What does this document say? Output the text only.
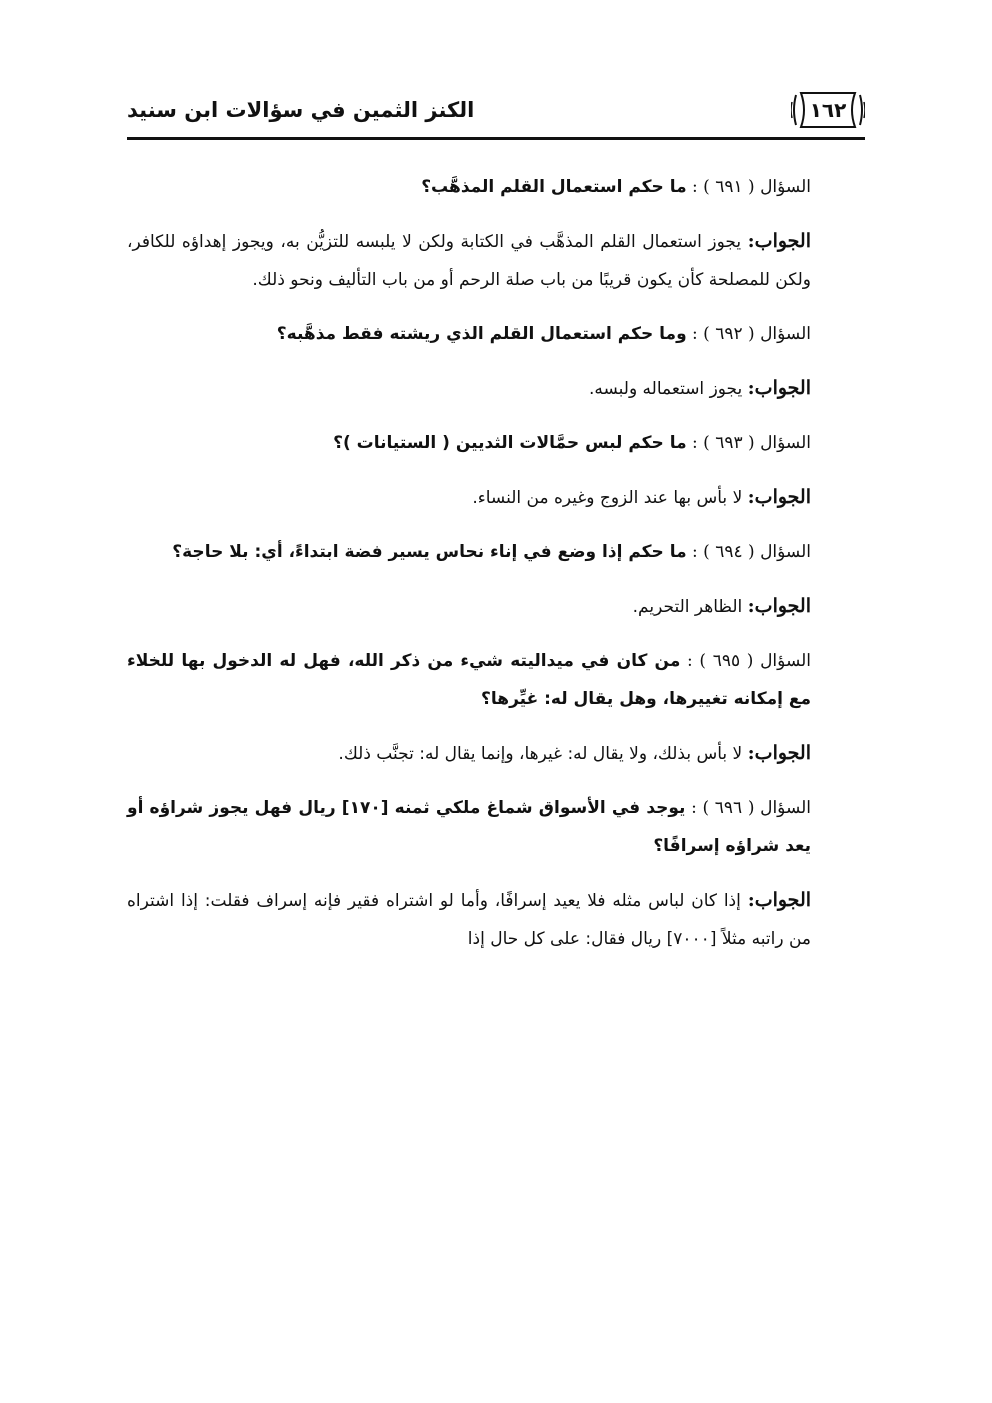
١٦٢
الكنز الثمين في سؤالات ابن سنيد

السؤال ( ٦٩١ ) : ما حكم استعمال القلم المذهَّب؟

الجواب: يجوز استعمال القلم المذهَّب في الكتابة ولكن لا يلبسه للتزيُّن به، ويجوز إهداؤه للكافر، ولكن للمصلحة كأن يكون قريبًا من باب صلة الرحم أو من باب التأليف ونحو ذلك.

السؤال ( ٦٩٢ ) : وما حكم استعمال القلم الذي ريشته فقط مذهَّبه؟

الجواب: يجوز استعماله ولبسه.

السؤال ( ٦٩٣ ) : ما حكم لبس حمَّالات الثديين ( الستيانات )؟

الجواب: لا بأس بها عند الزوج وغيره من النساء.

السؤال ( ٦٩٤ ) : ما حكم إذا وضع في إناء نحاس يسير فضة ابتداءً، أي: بلا حاجة؟

الجواب: الظاهر التحريم.

السؤال ( ٦٩٥ ) : من كان في ميداليته شيء من ذكر الله، فهل له الدخول بها للخلاء مع إمكانه تغييرها، وهل يقال له: غيِّرها؟

الجواب: لا بأس بذلك، ولا يقال له: غيرها، وإنما يقال له: تجنَّب ذلك.

السؤال ( ٦٩٦ ) : يوجد في الأسواق شماغ ملكي ثمنه [١٧٠] ريال فهل يجوز شراؤه أو يعد شراؤه إسرافًا؟

الجواب: إذا كان لباس مثله فلا يعيد إسرافًا، وأما لو اشتراه فقير فإنه إسراف فقلت: إذا اشتراه من راتبه مثلاً [٧٠٠٠] ريال فقال: على كل حال إذا
